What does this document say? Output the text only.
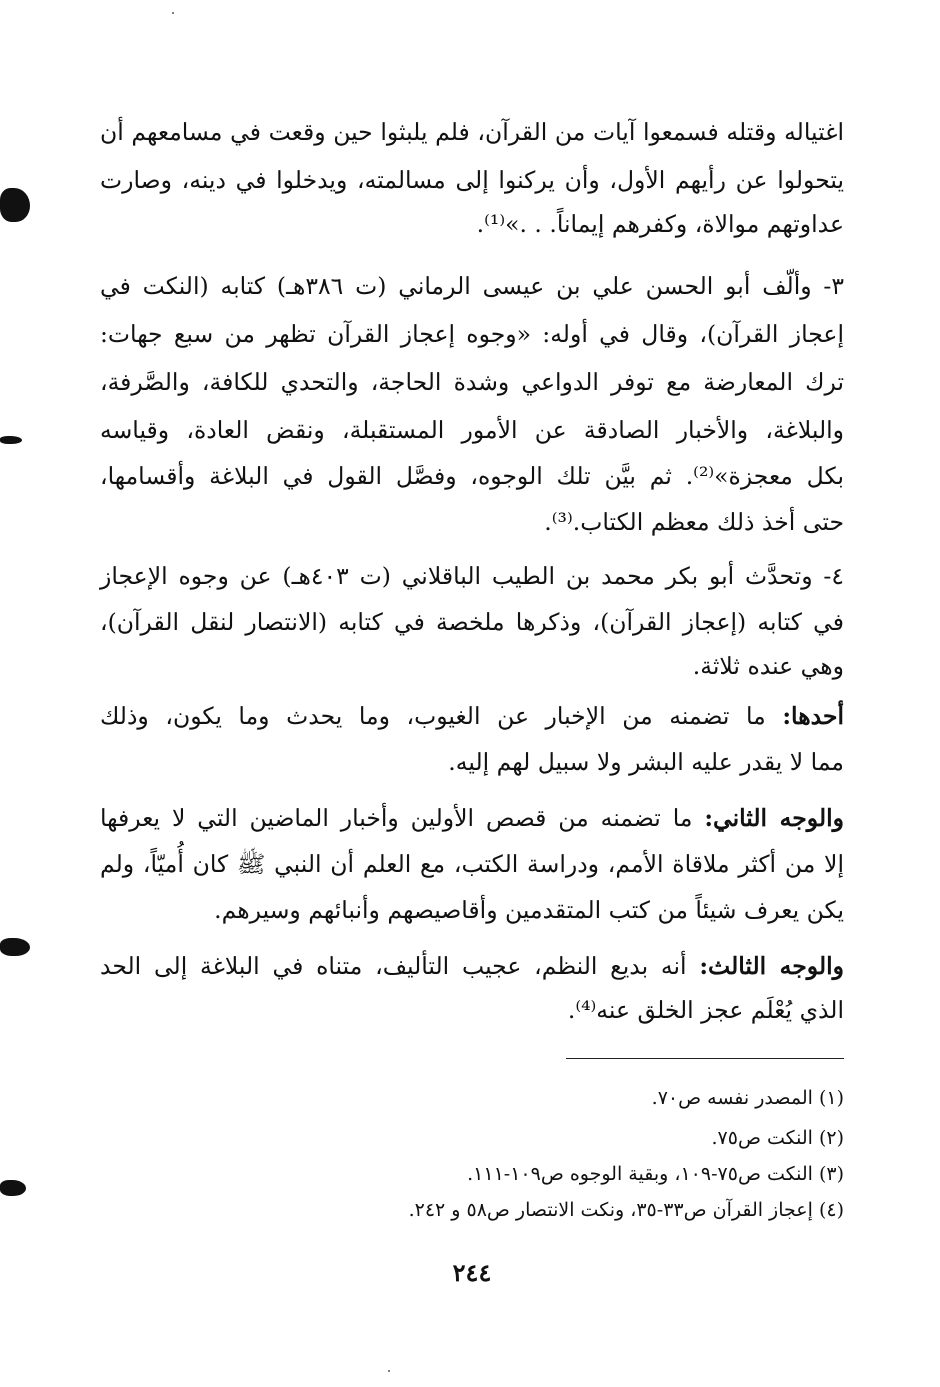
اغتياله وقتله فسمعوا آيات من القرآن، فلم يلبثوا حين وقعت في مسامعهم أن
يتحولوا عن رأيهم الأول، وأن يركنوا إلى مسالمته، ويدخلوا في دينه، وصارت
عداوتهم موالاة، وكفرهم إيماناً. . .»⁽¹⁾.
٣- وألّف أبو الحسن علي بن عيسى الرماني (ت ٣٨٦هـ) كتابه (النكت في
إعجاز القرآن)، وقال في أوله: «وجوه إعجاز القرآن تظهر من سبع جهات:
ترك المعارضة مع توفر الدواعي وشدة الحاجة، والتحدي للكافة، والصَّرفة،
والبلاغة، والأخبار الصادقة عن الأمور المستقبلة، ونقض العادة، وقياسه
بكل معجزة»⁽²⁾. ثم بيَّن تلك الوجوه، وفصَّل القول في البلاغة وأقسامها،
حتى أخذ ذلك معظم الكتاب.⁽³⁾.
٤- وتحدَّث أبو بكر محمد بن الطيب الباقلاني (ت ٤٠٣هـ) عن وجوه الإعجاز
في كتابه (إعجاز القرآن)، وذكرها ملخصة في كتابه (الانتصار لنقل القرآن)،
وهي عنده ثلاثة.
أحدها: ما تضمنه من الإخبار عن الغيوب، وما يحدث وما يكون، وذلك
مما لا يقدر عليه البشر ولا سبيل لهم إليه.
والوجه الثاني: ما تضمنه من قصص الأولين وأخبار الماضين التي لا يعرفها
إلا من أكثر ملاقاة الأمم، ودراسة الكتب، مع العلم أن النبي ﷺ كان أُميّاً، ولم
يكن يعرف شيئاً من كتب المتقدمين وأقاصيصهم وأنبائهم وسيرهم.
والوجه الثالث: أنه بديع النظم، عجيب التأليف، متناه في البلاغة إلى الحد
الذي يُعْلَم عجز الخلق عنه⁽⁴⁾.
(١) المصدر نفسه ص٧٠.
(٢) النكت ص٧٥.
(٣) النكت ص٧٥-١٠٩، وبقية الوجوه ص١٠٩-١١١.
(٤) إعجاز القرآن ص٣٣-٣٥، ونكت الانتصار ص٥٨ و ٢٤٢.
٢٤٤
